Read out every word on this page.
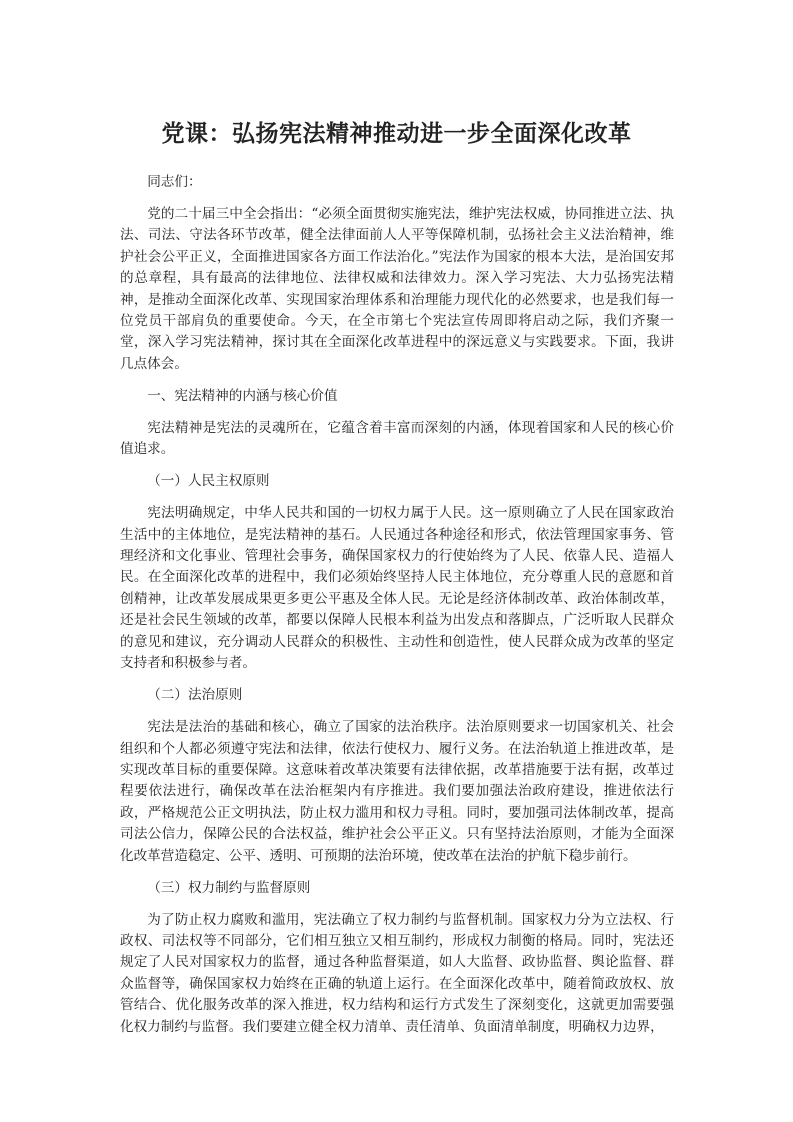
党课：弘扬宪法精神推动进一步全面深化改革

同志们：

党的二十届三中全会指出：“必须全面贯彻实施宪法，维护宪法权威，协同推进立法、执法、司法、守法各环节改革，健全法律面前人人平等保障机制，弘扬社会主义法治精神，维护社会公平正义，全面推进国家各方面工作法治化。”宪法作为国家的根本大法，是治国安邦的总章程，具有最高的法律地位、法律权威和法律效力。深入学习宪法、大力弘扬宪法精神，是推动全面深化改革、实现国家治理体系和治理能力现代化的必然要求，也是我们每一位党员干部肩负的重要使命。今天，在全市第七个宪法宣传周即将启动之际，我们齐聚一堂，深入学习宪法精神，探讨其在全面深化改革进程中的深远意义与实践要求。下面，我讲几点体会。

一、宪法精神的内涵与核心价值

宪法精神是宪法的灵魂所在，它蕴含着丰富而深刻的内涵，体现着国家和人民的核心价值追求。

（一）人民主权原则

宪法明确规定，中华人民共和国的一切权力属于人民。这一原则确立了人民在国家政治生活中的主体地位，是宪法精神的基石。人民通过各种途径和形式，依法管理国家事务、管理经济和文化事业、管理社会事务，确保国家权力的行使始终为了人民、依靠人民、造福人民。在全面深化改革的进程中，我们必须始终坚持人民主体地位，充分尊重人民的意愿和首创精神，让改革发展成果更多更公平惠及全体人民。无论是经济体制改革、政治体制改革，还是社会民生领域的改革，都要以保障人民根本利益为出发点和落脚点，广泛听取人民群众的意见和建议，充分调动人民群众的积极性、主动性和创造性，使人民群众成为改革的坚定支持者和积极参与者。

（二）法治原则

宪法是法治的基础和核心，确立了国家的法治秩序。法治原则要求一切国家机关、社会组织和个人都必须遵守宪法和法律，依法行使权力、履行义务。在法治轨道上推进改革，是实现改革目标的重要保障。这意味着改革决策要有法律依据，改革措施要于法有据，改革过程要依法进行，确保改革在法治框架内有序推进。我们要加强法治政府建设，推进依法行政，严格规范公正文明执法，防止权力滥用和权力寻租。同时，要加强司法体制改革，提高司法公信力，保障公民的合法权益，维护社会公平正义。只有坚持法治原则，才能为全面深化改革营造稳定、公平、透明、可预期的法治环境，使改革在法治的护航下稳步前行。

（三）权力制约与监督原则

为了防止权力腐败和滥用，宪法确立了权力制约与监督机制。国家权力分为立法权、行政权、司法权等不同部分，它们相互独立又相互制约，形成权力制衡的格局。同时，宪法还规定了人民对国家权力的监督，通过各种监督渠道，如人大监督、政协监督、舆论监督、群众监督等，确保国家权力始终在正确的轨道上运行。在全面深化改革中，随着简政放权、放管结合、优化服务改革的深入推进，权力结构和运行方式发生了深刻变化，这就更加需要强化权力制约与监督。我们要建立健全权力清单、责任清单、负面清单制度，明确权力边界，
